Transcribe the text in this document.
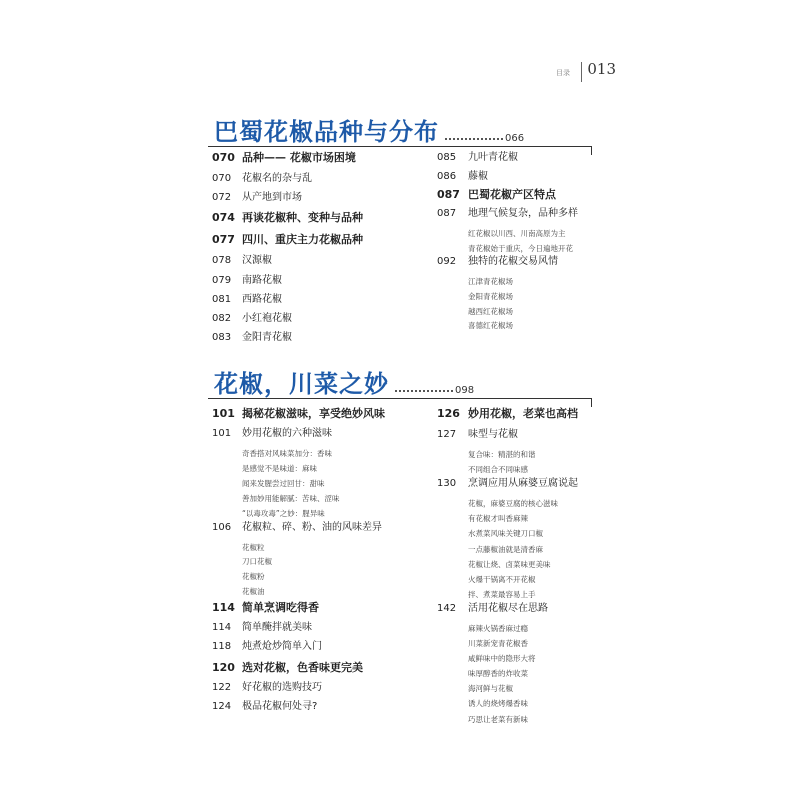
目录 013
巴蜀花椒品种与分布	066
070 品种—— 花椒市场困境
070 花椒名的杂与乱
072 从产地到市场
074 再谈花椒种、变种与品种
077 四川、重庆主力花椒品种
078 汉源椒
079 南路花椒
081 西路花椒
082 小红袍花椒
083 金阳青花椒
085 九叶青花椒
086 藤椒
087 巴蜀花椒产区特点
087 地理气候复杂，品种多样
红花椒以川西、川南高原为主
青花椒始于重庆，今日遍地开花
092 独特的花椒交易风情
江津青花椒场
金阳青花椒场
越西红花椒场
喜德红花椒场
花椒，川菜之妙	098
101 揭秘花椒滋味，享受绝妙风味
101 妙用花椒的六种滋味
奇香搭对风味菜加分：香味
是感觉不是味道：麻味
闻来发腥尝过回甘：甜味
善加妙用能解腻：苦味、涩味
“以毒攻毒”之妙：腥异味
106 花椒粒、碎、粉、油的风味差异
花椒粒
刀口花椒
花椒粉
花椒油
114 简单烹调吃得香
114 简单醃拌就美味
118 炖煮炝炒简单入门
120 选对花椒，色香味更完美
122 好花椒的选购技巧
124 极品花椒何处寻?
126 妙用花椒，老菜也高档
127 味型与花椒
复合味：精湛的和谐
不同组合不同味感
130 烹调应用从麻婆豆腐说起
花椒，麻婆豆腐的核心滋味
有花椒才叫香麻辣
水煮菜风味关键刀口椒
一点藤椒油就是清香麻
花椒让烧、卤菜味更美味
火爆干锅离不开花椒
拌、煮菜最容易上手
142 活用花椒尽在思路
麻辣火锅香麻过瘾
川菜新宠青花椒香
咸鲜味中的隐形大将
味厚醇香的炸收菜
海河鲜与花椒
诱人的烧烤爆香味
巧思让老菜有新味
